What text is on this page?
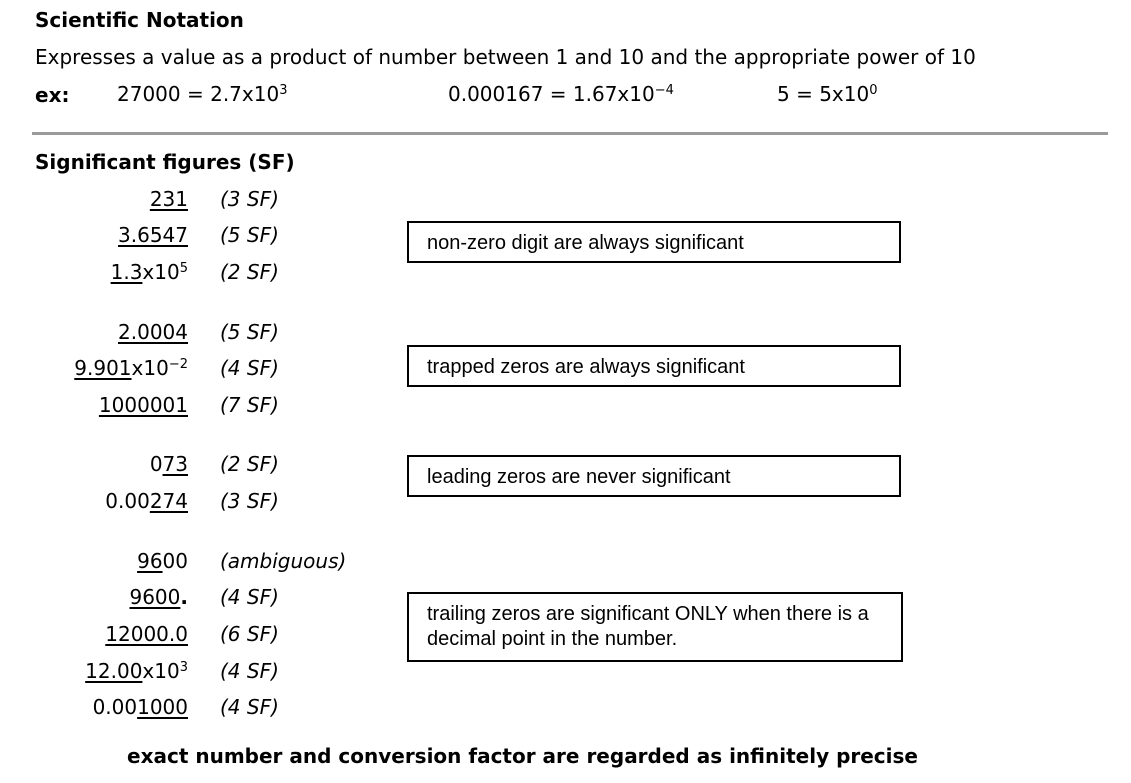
Scientific Notation
Expresses a value as a product of number between 1 and 10 and the appropriate power of 10
ex: $27000 = 2.7x10^3$	$0.000167 = 1.67x10^{-4}$	$5 = 5x10^0$
Significant figures (SF)
231 (3 SF)
3.6547 (5 SF)
$1.3x10^5$ (2 SF)
2.0004 (5 SF)
$9.901x10^{-2}$ (4 SF)
1000001 (7 SF)
073 (2 SF)
0.00274 (3 SF)
9600 (ambiguous)
9600. (4 SF)
12000.0 (6 SF)
$12.00x10^3$ (4 SF)
0.001000 (4 SF)
non-zero digit are always significant
trapped zeros are always significant
leading zeros are never significant
trailing zeros are significant ONLY when there is a decimal point in the number.
exact number and conversion factor are regarded as infinitely precise
